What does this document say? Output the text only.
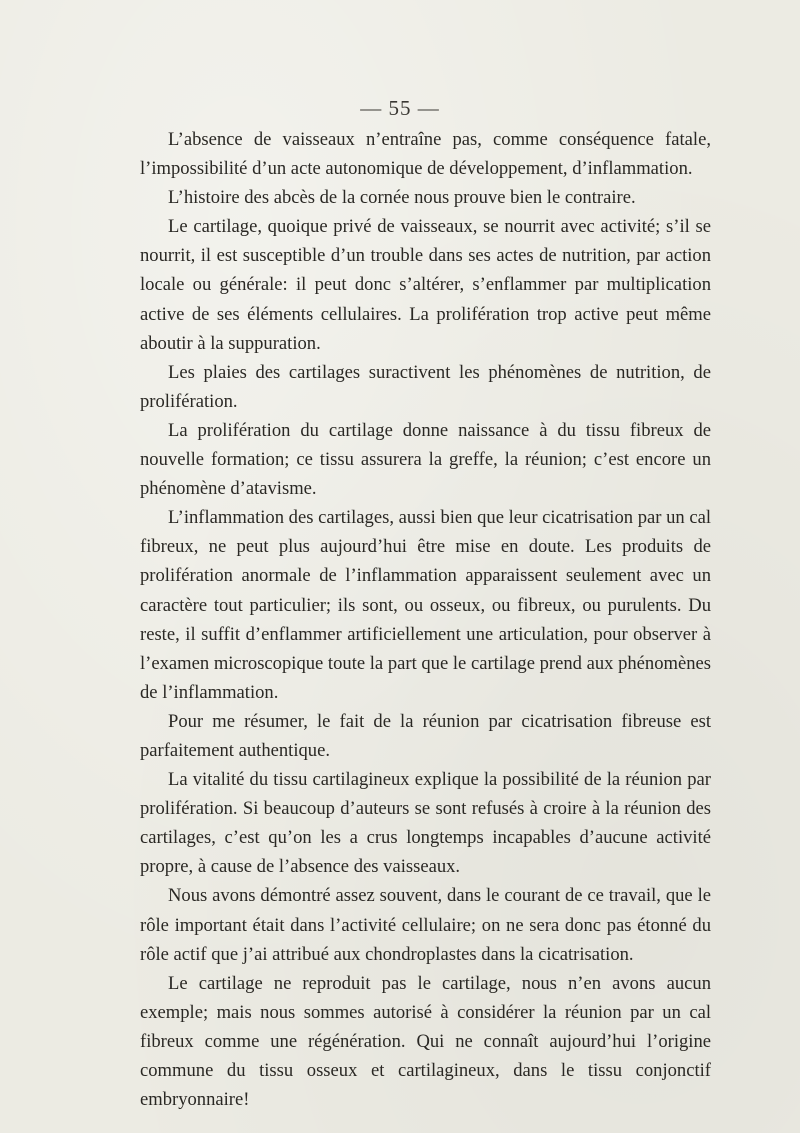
— 55 —

L’absence de vaisseaux n’entraîne pas, comme conséquence fatale, l’impossibilité d’un acte autonomique de développement, d’inflammation.

L’histoire des abcès de la cornée nous prouve bien le contraire.

Le cartilage, quoique privé de vaisseaux, se nourrit avec activité; s’il se nourrit, il est susceptible d’un trouble dans ses actes de nutrition, par action locale ou générale: il peut donc s’altérer, s’enflammer par multiplication active de ses éléments cellulaires. La prolifération trop active peut même aboutir à la suppuration.

Les plaies des cartilages suractivent les phénomènes de nutrition, de prolifération.

La prolifération du cartilage donne naissance à du tissu fibreux de nouvelle formation; ce tissu assurera la greffe, la réunion; c’est encore un phénomène d’atavisme.

L’inflammation des cartilages, aussi bien que leur cicatrisation par un cal fibreux, ne peut plus aujourd’hui être mise en doute. Les produits de prolifération anormale de l’inflammation apparaissent seulement avec un caractère tout particulier; ils sont, ou osseux, ou fibreux, ou purulents. Du reste, il suffit d’enflammer artificiellement une articulation, pour observer à l’examen microscopique toute la part que le cartilage prend aux phénomènes de l’inflammation.

Pour me résumer, le fait de la réunion par cicatrisation fibreuse est parfaitement authentique.

La vitalité du tissu cartilagineux explique la possibilité de la réunion par prolifération. Si beaucoup d’auteurs se sont refusés à croire à la réunion des cartilages, c’est qu’on les a crus longtemps incapables d’aucune activité propre, à cause de l’absence des vaisseaux.

Nous avons démontré assez souvent, dans le courant de ce travail, que le rôle important était dans l’activité cellulaire; on ne sera donc pas étonné du rôle actif que j’ai attribué aux chondroplastes dans la cicatrisation.

Le cartilage ne reproduit pas le cartilage, nous n’en avons aucun exemple; mais nous sommes autorisé à considérer la réunion par un cal fibreux comme une régénération. Qui ne connaît aujourd’hui l’origine commune du tissu osseux et cartilagineux, dans le tissu conjonctif embryonnaire!
